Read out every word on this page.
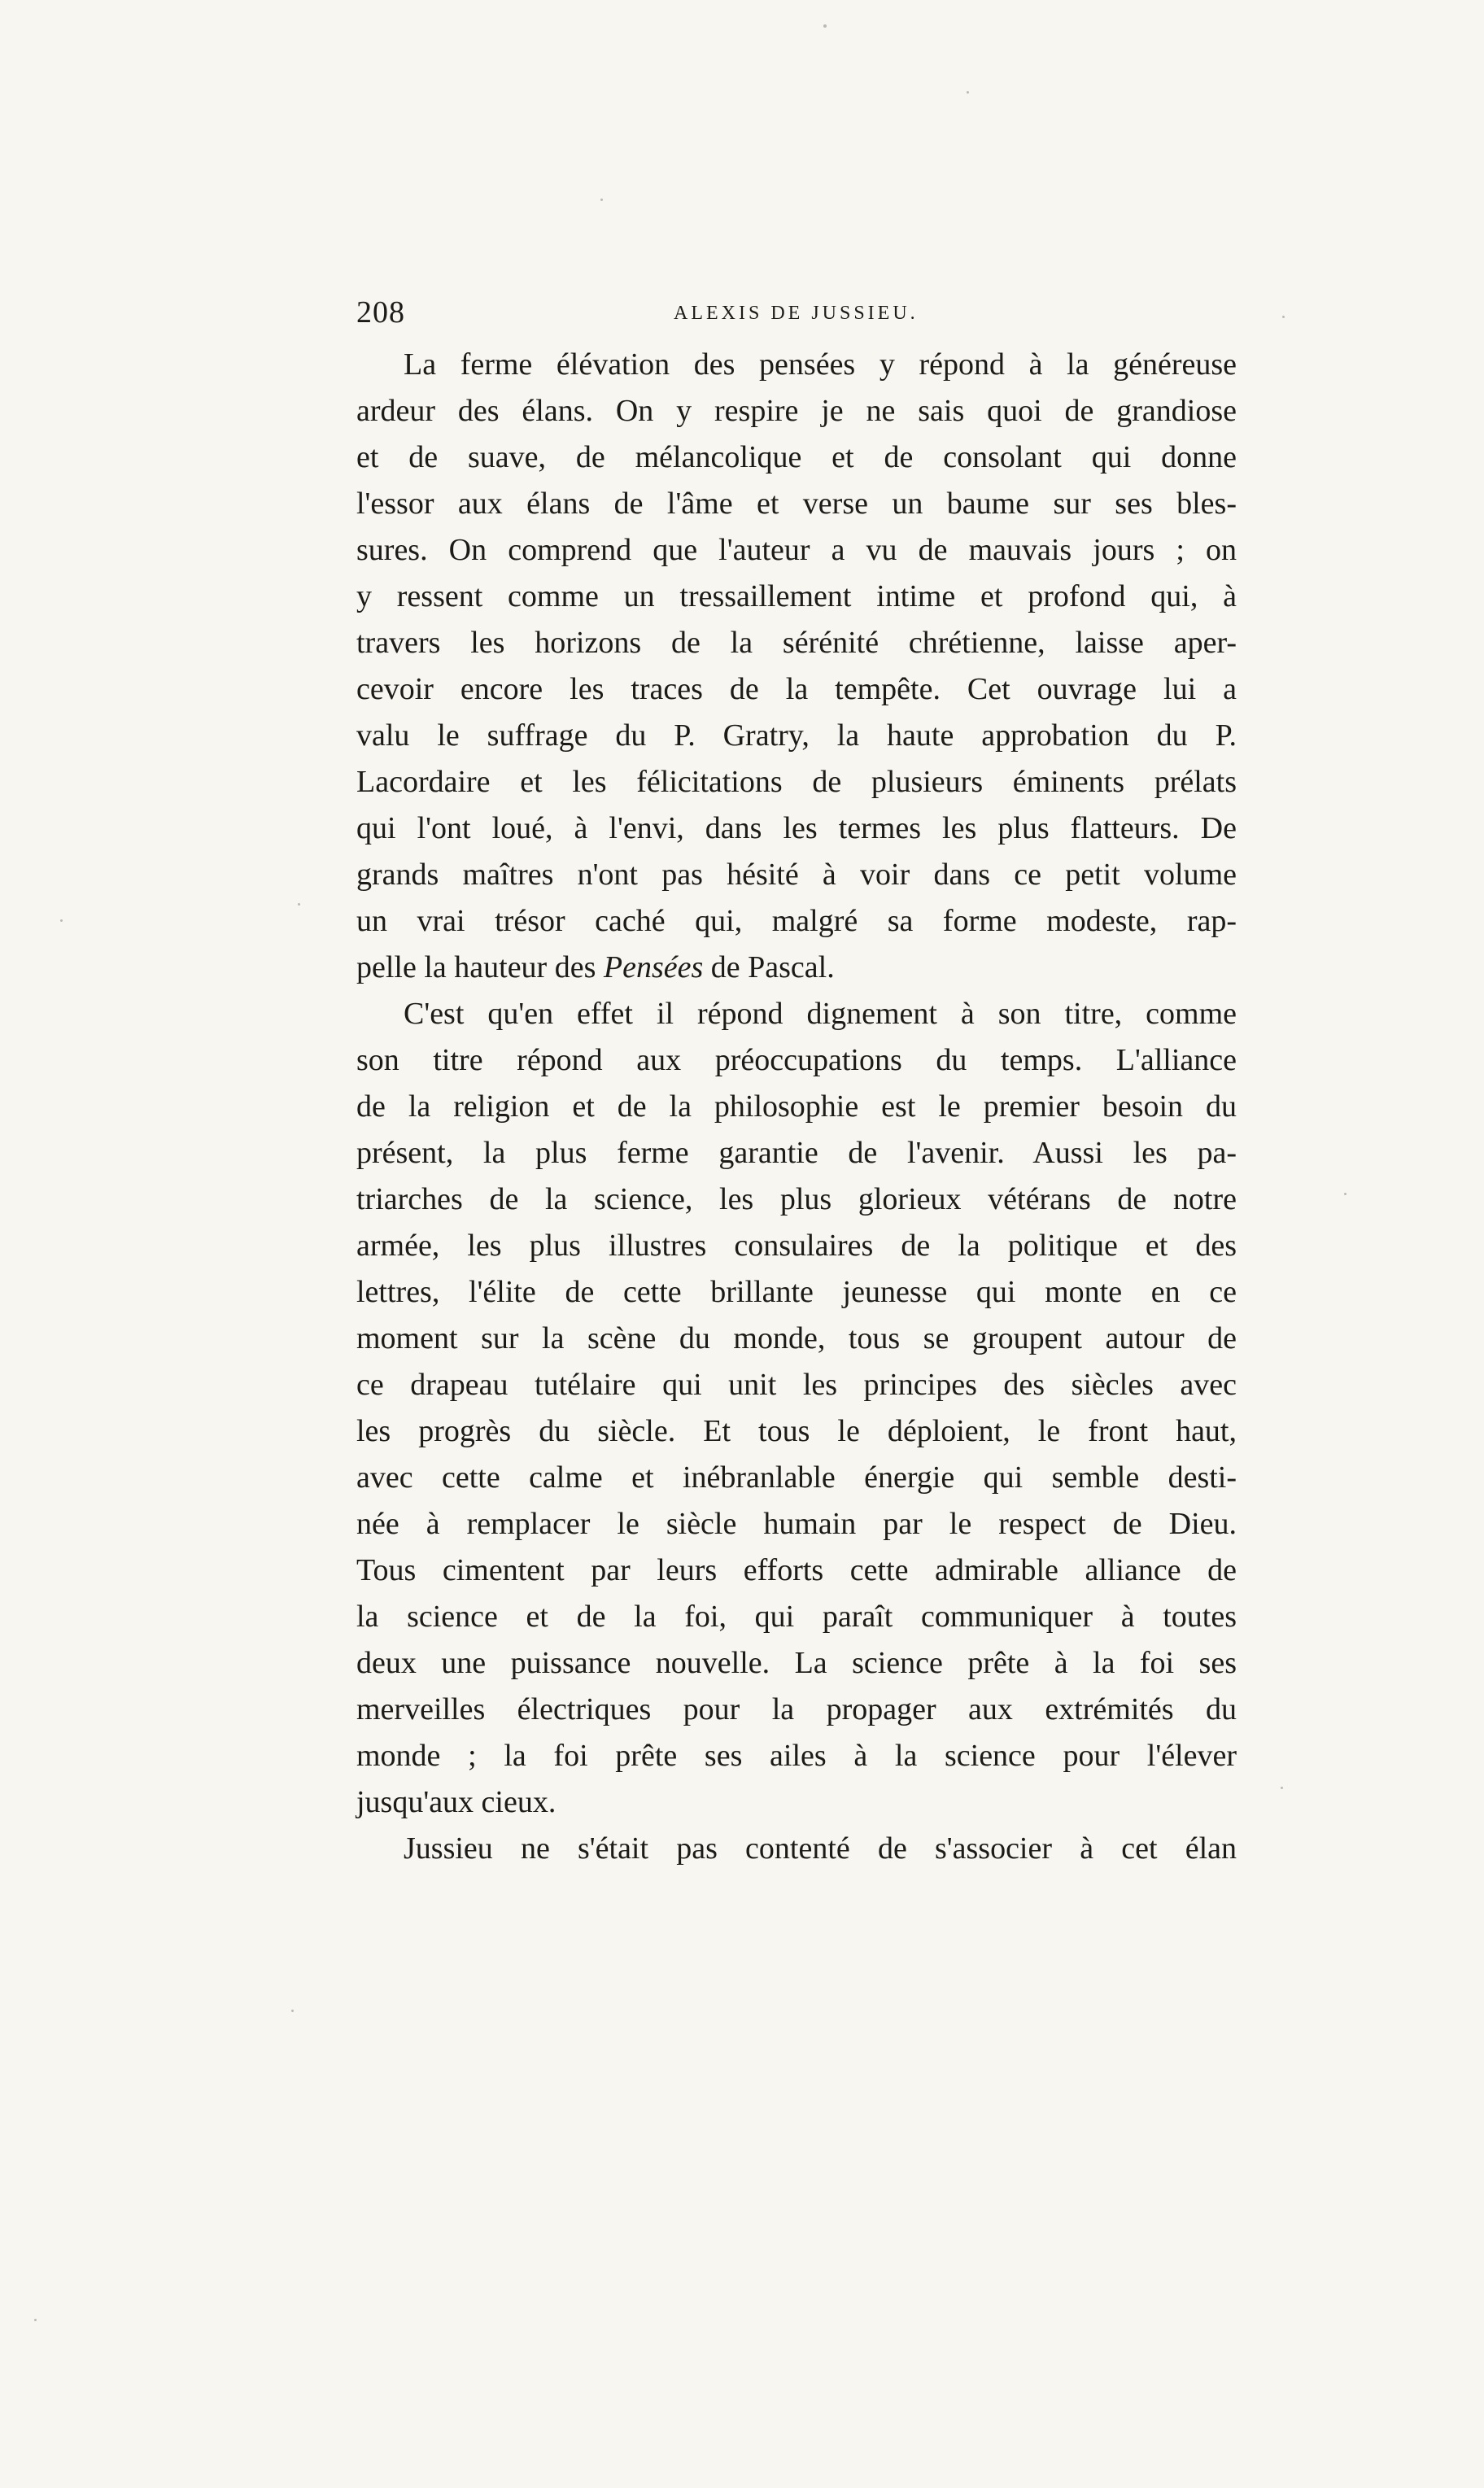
208	ALEXIS DE JUSSIEU.
La ferme élévation des pensées y répond à la généreuse
ardeur des élans. On y respire je ne sais quoi de grandiose
et de suave, de mélancolique et de consolant qui donne
l'essor aux élans de l'âme et verse un baume sur ses bles-
sures. On comprend que l'auteur a vu de mauvais jours ; on
y ressent comme un tressaillement intime et profond qui, à
travers les horizons de la sérénité chrétienne, laisse aper-
cevoir encore les traces de la tempête. Cet ouvrage lui a
valu le suffrage du P. Gratry, la haute approbation du P.
Lacordaire et les félicitations de plusieurs éminents prélats
qui l'ont loué, à l'envi, dans les termes les plus flatteurs. De
grands maîtres n'ont pas hésité à voir dans ce petit volume
un vrai trésor caché qui, malgré sa forme modeste, rap-
pelle la hauteur des Pensées de Pascal.
C'est qu'en effet il répond dignement à son titre, comme
son titre répond aux préoccupations du temps. L'alliance
de la religion et de la philosophie est le premier besoin du
présent, la plus ferme garantie de l'avenir. Aussi les pa-
triarches de la science, les plus glorieux vétérans de notre
armée, les plus illustres consulaires de la politique et des
lettres, l'élite de cette brillante jeunesse qui monte en ce
moment sur la scène du monde, tous se groupent autour de
ce drapeau tutélaire qui unit les principes des siècles avec
les progrès du siècle. Et tous le déploient, le front haut,
avec cette calme et inébranlable énergie qui semble desti-
née à remplacer le siècle humain par le respect de Dieu.
Tous cimentent par leurs efforts cette admirable alliance de
la science et de la foi, qui paraît communiquer à toutes
deux une puissance nouvelle. La science prête à la foi ses
merveilles électriques pour la propager aux extrémités du
monde ; la foi prête ses ailes à la science pour l'élever
jusqu'aux cieux.
Jussieu ne s'était pas contenté de s'associer à cet élan
